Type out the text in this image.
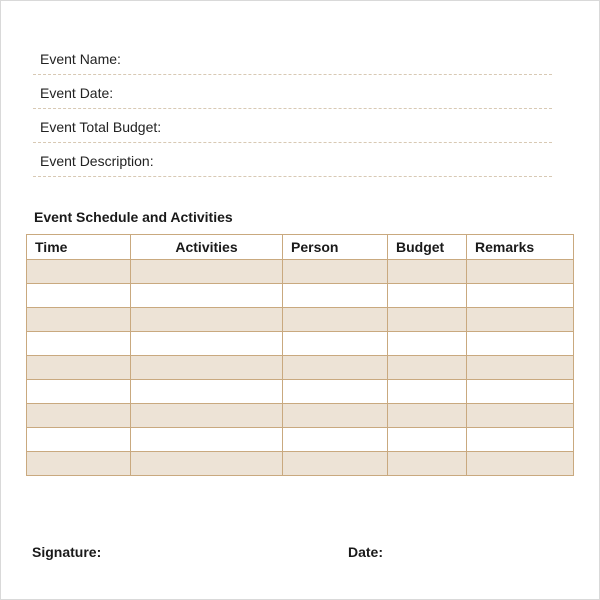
Event Name:
Event Date:
Event Total Budget:
Event Description:
Event Schedule and Activities
Time	Activities	Person	Budget	Remarks

Signature:	Date:
